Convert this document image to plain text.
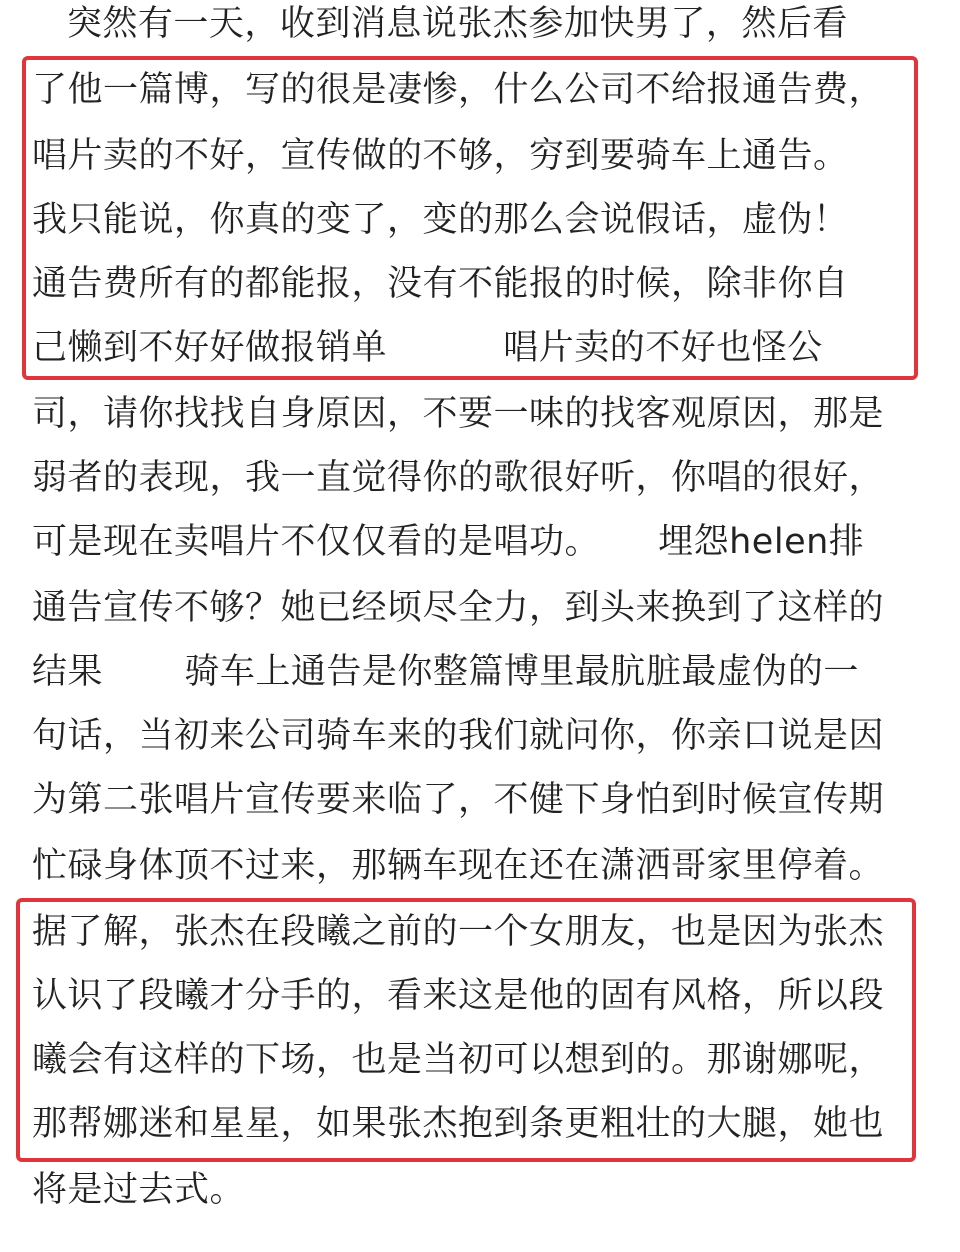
突然有一天，收到消息说张杰参加快男了，然后看
了他一篇博，写的很是凄惨，什么公司不给报通告费，
唱片卖的不好，宣传做的不够，穷到要骑车上通告。
我只能说，你真的变了，变的那么会说假话，虚伪！
通告费所有的都能报，没有不能报的时候，除非你自
己懒到不好好做报销单          唱片卖的不好也怪公
司，请你找找自身原因，不要一味的找客观原因，那是
弱者的表现，我一直觉得你的歌很好听，你唱的很好，
可是现在卖唱片不仅仅看的是唱功。     埋怨helen排
通告宣传不够？她已经顷尽全力，到头来换到了这样的
结果       骑车上通告是你整篇博里最肮脏最虚伪的一
句话，当初来公司骑车来的我们就问你，你亲口说是因
为第二张唱片宣传要来临了，不健下身怕到时候宣传期
忙碌身体顶不过来，那辆车现在还在潇洒哥家里停着。
据了解，张杰在段曦之前的一个女朋友，也是因为张杰
认识了段曦才分手的，看来这是他的固有风格，所以段
曦会有这样的下场，也是当初可以想到的。那谢娜呢，
那帮娜迷和星星，如果张杰抱到条更粗壮的大腿，她也
将是过去式。
